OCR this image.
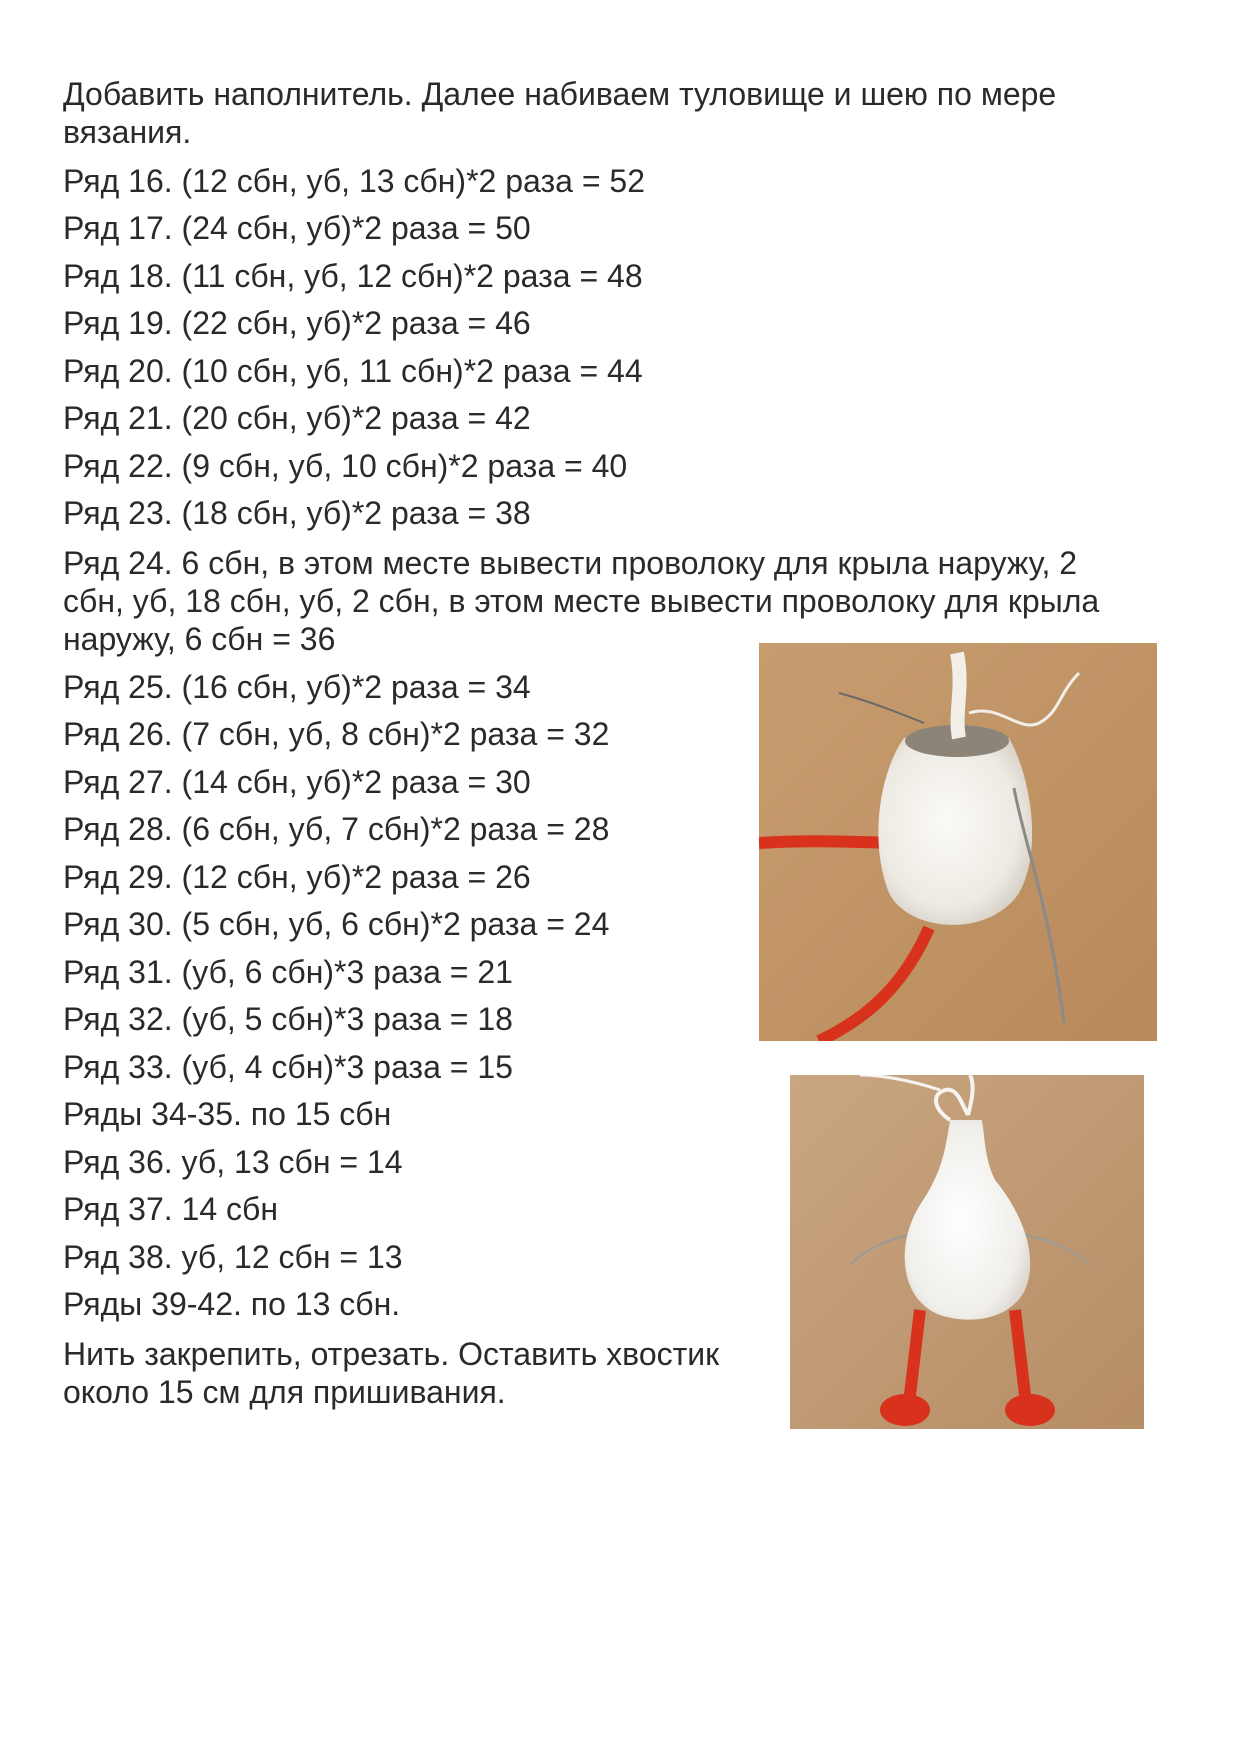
Добавить наполнитель. Далее набиваем туловище и шею по мере
вязания.
Ряд 16. (12 сбн, уб, 13 сбн)*2 раза = 52
Ряд 17. (24 сбн, уб)*2 раза = 50
Ряд 18. (11 сбн, уб, 12 сбн)*2 раза = 48
Ряд 19. (22 сбн, уб)*2 раза = 46
Ряд 20. (10 сбн, уб, 11 сбн)*2 раза = 44
Ряд 21. (20 сбн, уб)*2 раза = 42
Ряд 22. (9 сбн, уб, 10 сбн)*2 раза = 40
Ряд 23. (18 сбн, уб)*2 раза = 38
Ряд 24. 6 сбн, в этом месте вывести проволоку для крыла наружу, 2
сбн, уб, 18 сбн, уб, 2 сбн, в этом месте вывести проволоку для крыла
наружу, 6 сбн = 36
Ряд 25. (16 сбн, уб)*2 раза = 34
Ряд 26. (7 сбн, уб, 8 сбн)*2 раза = 32
Ряд 27. (14 сбн, уб)*2 раза = 30
Ряд 28. (6 сбн, уб, 7 сбн)*2 раза = 28
Ряд 29. (12 сбн, уб)*2 раза = 26
Ряд 30. (5 сбн, уб, 6 сбн)*2 раза = 24
Ряд 31. (уб, 6 сбн)*3 раза = 21
Ряд 32. (уб, 5 сбн)*3 раза = 18
Ряд 33. (уб, 4 сбн)*3 раза = 15
Ряды 34-35. по 15 сбн
Ряд 36. уб, 13 сбн = 14
Ряд 37. 14 сбн
Ряд 38. уб, 12 сбн = 13
Ряды 39-42. по 13 сбн.
Нить закрепить, отрезать. Оставить хвостик
около 15 см для пришивания.
